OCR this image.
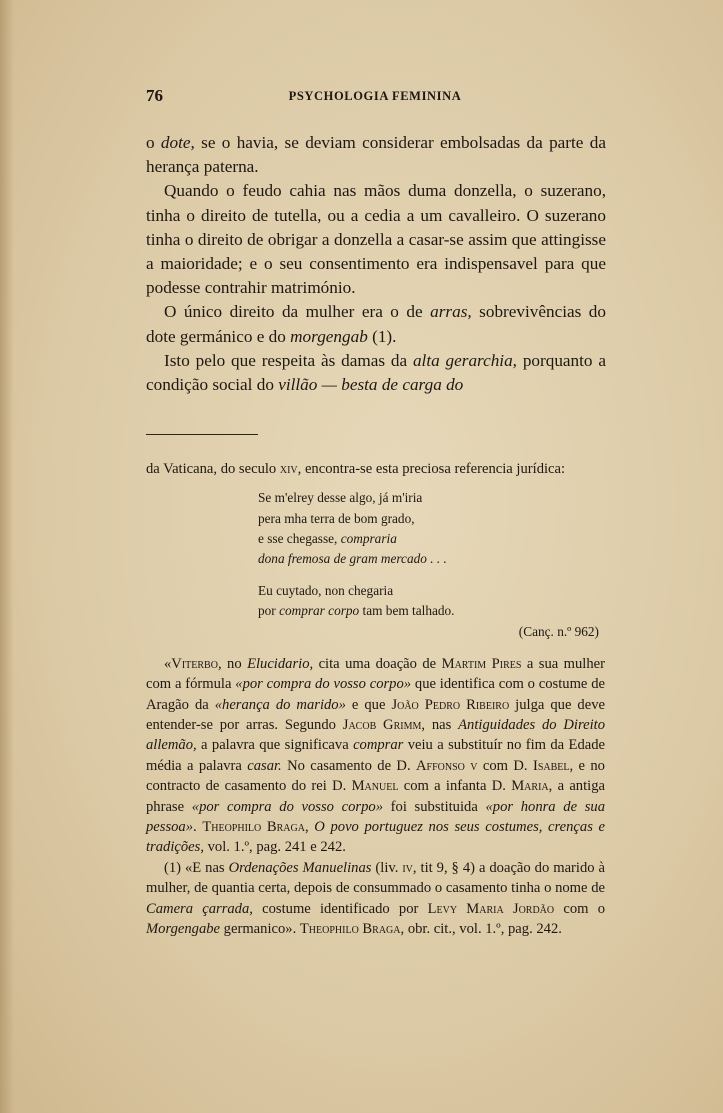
76	PSYCHOLOGIA FEMININA

o dote, se o havia, se deviam considerar embolsadas da parte da herança paterna.

Quando o feudo cahia nas mãos duma donzella, o suzerano, tinha o direito de tutella, ou a cedia a um cavalleiro. O suzerano tinha o direito de obrigar a donzella a casar-se assim que attingisse a maioridade; e o seu consentimento era indispensavel para que podesse contrahir matrimónio.

O único direito da mulher era o de arras, sobrevivências do dote germánico e do morgengab (1).

Isto pelo que respeita às damas da alta gerarchia, porquanto a condição social do villão — besta de carga do

da Vaticana, do seculo xiv, encontra-se esta preciosa referencia jurídica:

Se m'elrey desse algo, já m'iria
pera mha terra de bom grado,
e sse chegasse, compraria
dona fremosa de gram mercado . . .
Eu cuytado, non chegaria
por comprar corpo tam bem talhado.
(Canç. n.º 962)

«Viterbo, no Elucidario, cita uma doação de Martim Pires a sua mulher com a fórmula «por compra do vosso corpo» que identifica com o costume de Aragão da «herança do marido» e que João Pedro Ribeiro julga que deve entender-se por arras. Segundo Jacob Grimm, nas Antiguidades do Direito allemão, a palavra que significava comprar veiu a substituír no fim da Edade média a palavra casar. No casamento de D. Affonso v com D. Isabel, e no contracto de casamento do rei D. Manuel com a infanta D. Maria, a antiga phrase «por compra do vosso corpo» foi substituida «por honra de sua pessoa». Theophilo Braga, O povo portuguez nos seus costumes, crenças e tradições, vol. 1.º, pag. 241 e 242.

(1) «E nas Ordenações Manuelinas (liv. iv, tit 9, § 4) a doação do marido à mulher, de quantia certa, depois de consummado o casamento tinha o nome de Camera çarrada, costume identificado por Levy Maria Jordão com o Morgengabe germanico». Theophilo Braga, obr. cit., vol. 1.º, pag. 242.
